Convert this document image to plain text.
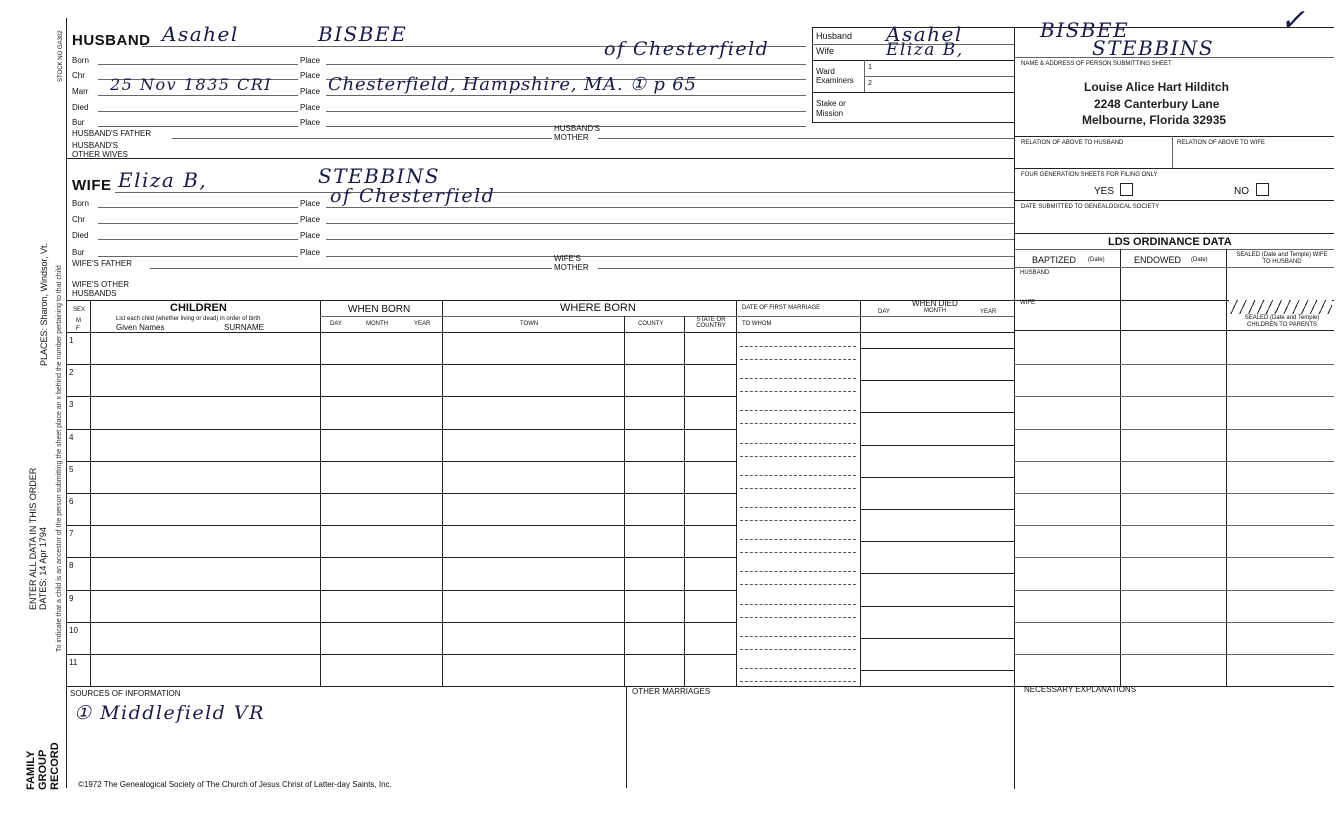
STOCK NO GA302
To indicate that a child is an ancestor of the person submitting the sheet place an x behind the number pertaining to that child
ENTER ALL DATA IN THIS ORDER DATES: 14 Apr 1794
PLACES: Sharon, Windsor, Vt.
FAMILY GROUP RECORD
HUSBAND Asahel	BISBEE
of Chesterfield
Born	Place
Chr	Place
Marr 25 Nov 1835 CRI	Place Chesterfield, Hampshire, MA. ① p 65
Died	Place
Bur	Place
HUSBAND'S FATHER
HUSBAND'S MOTHER
HUSBAND'S OTHER WIVES
WIFE Eliza B,	STEBBINS
Born	Place of Chesterfield
Chr	Place
Died	Place
Bur	Place
WIFE'S FATHER
WIFE'S MOTHER
WIFE'S OTHER HUSBANDS
Husband Asahel	BISBEE
Wife	Eliza B,	STEBBINS
Ward
Examiners
1
2
Stake or Mission
NAME & ADDRESS OF PERSON SUBMITTING SHEET
Louise Alice Hart Hilditch
2248 Canterbury Lane
Melbourne, Florida 32935
RELATION OF ABOVE TO HUSBAND	RELATION OF ABOVE TO WIFE
FOUR GENERATION SHEETS FOR FILING ONLY
YES	NO
DATE SUBMITTED TO GENEALOGICAL SOCIETY
✓
LDS ORDINANCE DATA
BAPTIZED (Date)	ENDOWED (Date)
SEALED (Date and Temple) WIFE TO HUSBAND
HUSBAND
WIFE
SEALED (Date and Temple) CHILDREN TO PARENTS
SEX
M F
CHILDREN
List each child (whether living or dead) in order of birth
Given Names	SURNAME
WHEN BORN
DAY	MONTH	YEAR
WHERE BORN
TOWN	COUNTY
STATE OR COUNTRY
DATE OF FIRST MARRIAGE
TO WHOM
DAY
WHEN DIED
MONTH	YEAR
1
2
3
4
5
6
7
8
9
10
11
SOURCES OF INFORMATION
① Middlefield VR
OTHER MARRIAGES	NECESSARY EXPLANATIONS
©1972 The Genealogical Society of The Church of Jesus Christ of Latter-day Saints, Inc.
